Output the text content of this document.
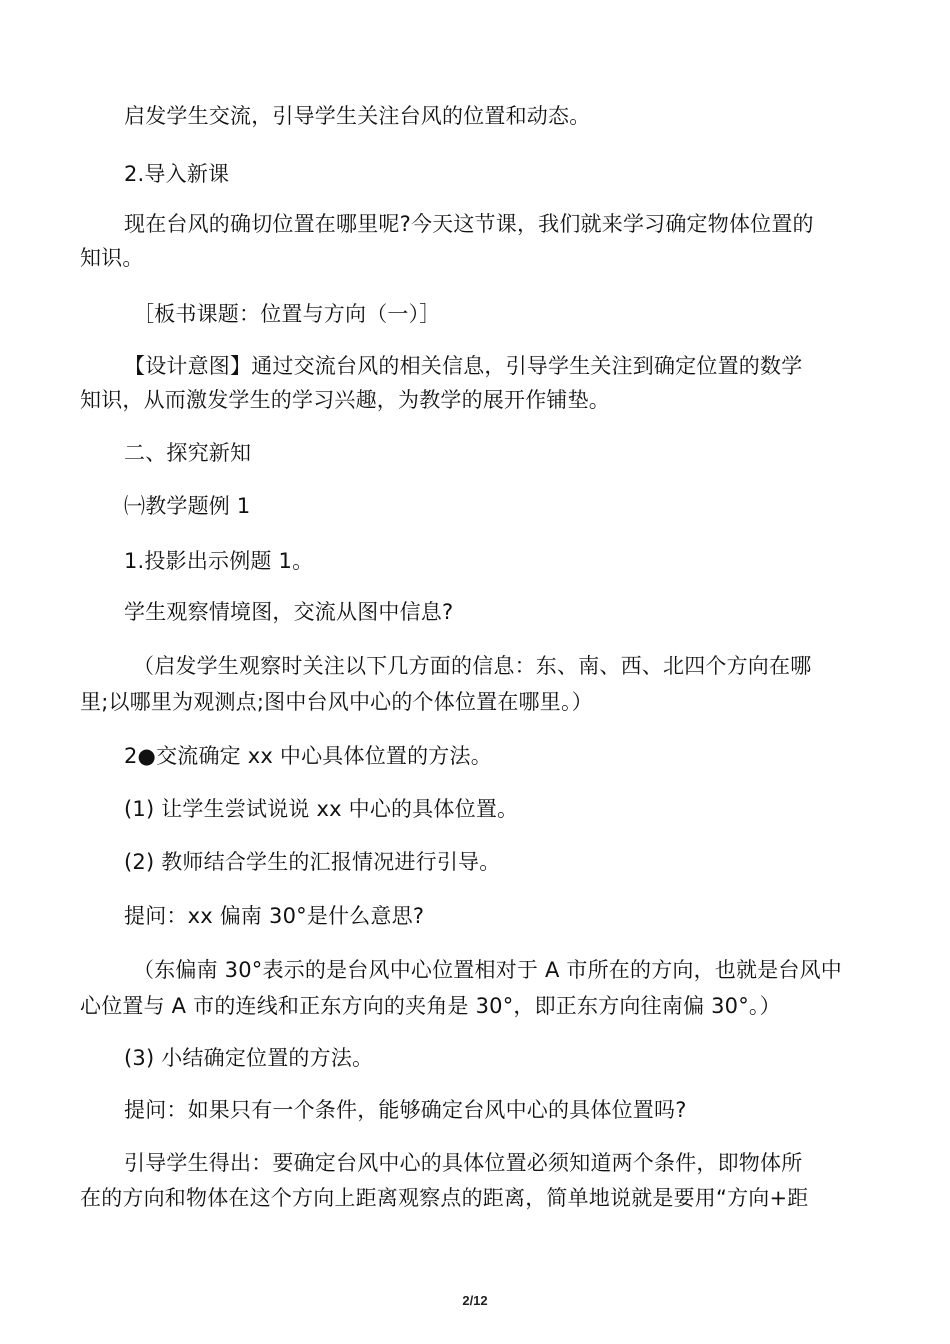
启发学生交流，引导学生关注台风的位置和动态。
2.导入新课
现在台风的确切位置在哪里呢?今天这节课，我们就来学习确定物体位置的
知识。
［板书课题：位置与方向（一）］
【设计意图】通过交流台风的相关信息，引导学生关注到确定位置的数学
知识，从而激发学生的学习兴趣，为教学的展开作铺垫。
二、探究新知
㈠教学题例 1
1.投影出示例题 1。
学生观察情境图，交流从图中信息?
（启发学生观察时关注以下几方面的信息：东、南、西、北四个方向在哪
里;以哪里为观测点;图中台风中心的个体位置在哪里。）
2●交流确定 xx 中心具体位置的方法。
(1) 让学生尝试说说 xx 中心的具体位置。
(2) 教师结合学生的汇报情况进行引导。
提问：xx 偏南 30°是什么意思?
（东偏南 30°表示的是台风中心位置相对于 A 市所在的方向，也就是台风中
心位置与 A 市的连线和正东方向的夹角是 30°，即正东方向往南偏 30°。）
(3) 小结确定位置的方法。
提问：如果只有一个条件，能够确定台风中心的具体位置吗?
引导学生得出：要确定台风中心的具体位置必须知道两个条件，即物体所
在的方向和物体在这个方向上距离观察点的距离，简单地说就是要用“方向+距
2/12
